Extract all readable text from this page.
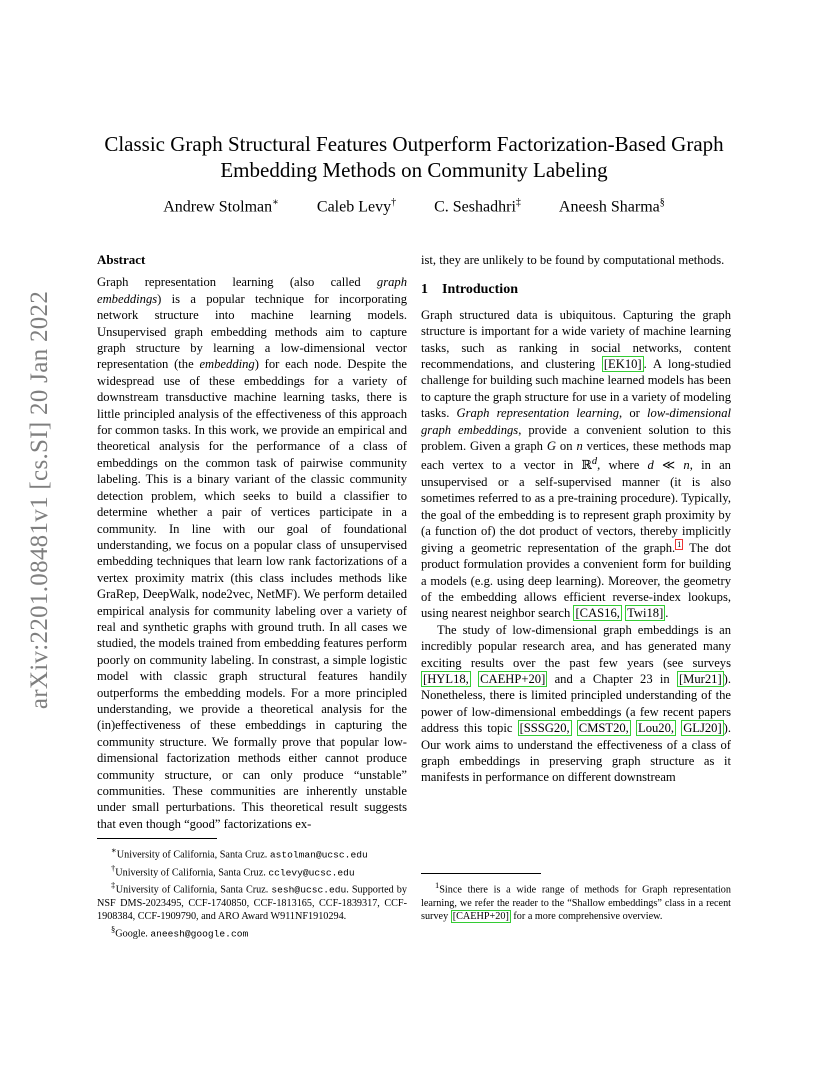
arXiv:2201.08481v1 [cs.SI] 20 Jan 2022
Classic Graph Structural Features Outperform Factorization-Based Graph
Embedding Methods on Community Labeling
Andrew Stolman∗ Caleb Levy† C. Seshadhri‡ Aneesh Sharma§
Abstract

Graph representation learning (also called graph embeddings) is a popular technique for incorporating network structure into machine learning models. Unsupervised graph embedding methods aim to capture graph structure by learning a low-dimensional vector representation (the embedding) for each node. Despite the widespread use of these embeddings for a variety of downstream transductive machine learning tasks, there is little principled analysis of the effectiveness of this approach for common tasks. In this work, we provide an empirical and theoretical analysis for the performance of a class of embeddings on the common task of pairwise community labeling. This is a binary variant of the classic community detection problem, which seeks to build a classifier to determine whether a pair of vertices participate in a community. In line with our goal of foundational understanding, we focus on a popular class of unsupervised embedding techniques that learn low rank factorizations of a vertex proximity matrix (this class includes methods like GraRep, DeepWalk, node2vec, NetMF). We perform detailed empirical analysis for community labeling over a variety of real and synthetic graphs with ground truth. In all cases we studied, the models trained from embedding features perform poorly on community labeling. In constrast, a simple logistic model with classic graph structural features handily outperforms the embedding models. For a more principled understanding, we provide a theoretical analysis for the (in)effectiveness of these embeddings in capturing the community structure. We formally prove that popular low-dimensional factorization methods either cannot produce community structure, or can only produce “unstable” communities. These communities are inherently unstable under small perturbations. This theoretical result suggests that even though “good” factorizations ex-

∗University of California, Santa Cruz. astolman@ucsc.edu

†University of California, Santa Cruz. cclevy@ucsc.edu

‡University of California, Santa Cruz. sesh@ucsc.edu. Supported by NSF DMS-2023495, CCF-1740850, CCF-1813165, CCF-1839317, CCF-1908384, CCF-1909790, and ARO Award W911NF1910294.

§Google. aneesh@google.com

ist, they are unlikely to be found by computational methods.

1 Introduction

Graph structured data is ubiquitous. Capturing the graph structure is important for a wide variety of machine learning tasks, such as ranking in social networks, content recommendations, and clustering [EK10] . A long-studied challenge for building such machine learned models has been to capture the graph structure for use in a variety of modeling tasks. Graph representation learning, or low-dimensional graph embeddings, provide a convenient solution to this problem. Given a graph G on n vertices, these methods map each vertex to a vector in ℝ$^d$, where d ≪ n, in an unsupervised or a self-supervised manner (it is also sometimes referred to as a pre-training procedure). Typically, the goal of the embedding is to represent graph proximity by (a function of) the dot product of vectors, thereby implicitly giving a geometric representation of the graph. $^1$ The dot product formulation provides a convenient form for building a models (e.g. using deep learning). Moreover, the geometry of the embedding allows efficient reverse-index lookups, using nearest neighbor search [CAS16, Twi18] .

The study of low-dimensional graph embeddings is an incredibly popular research area, and has generated many exciting results over the past few years (see surveys [HYL18, CAEHP+20] and a Chapter 23 in [Mur21] ). Nonetheless, there is limited principled understanding of the power of low-dimensional embeddings (a few recent papers address this topic [SSSG20, CMST20, Lou20, GLJ20] ). Our work aims to understand the effectiveness of a class of graph embeddings in preserving graph structure as it manifests in performance on different downstream

$^1$Since there is a wide range of methods for Graph representation learning, we refer the reader to the “Shallow embeddings” class in a recent survey [CAEHP+20] for a more comprehensive overview.
